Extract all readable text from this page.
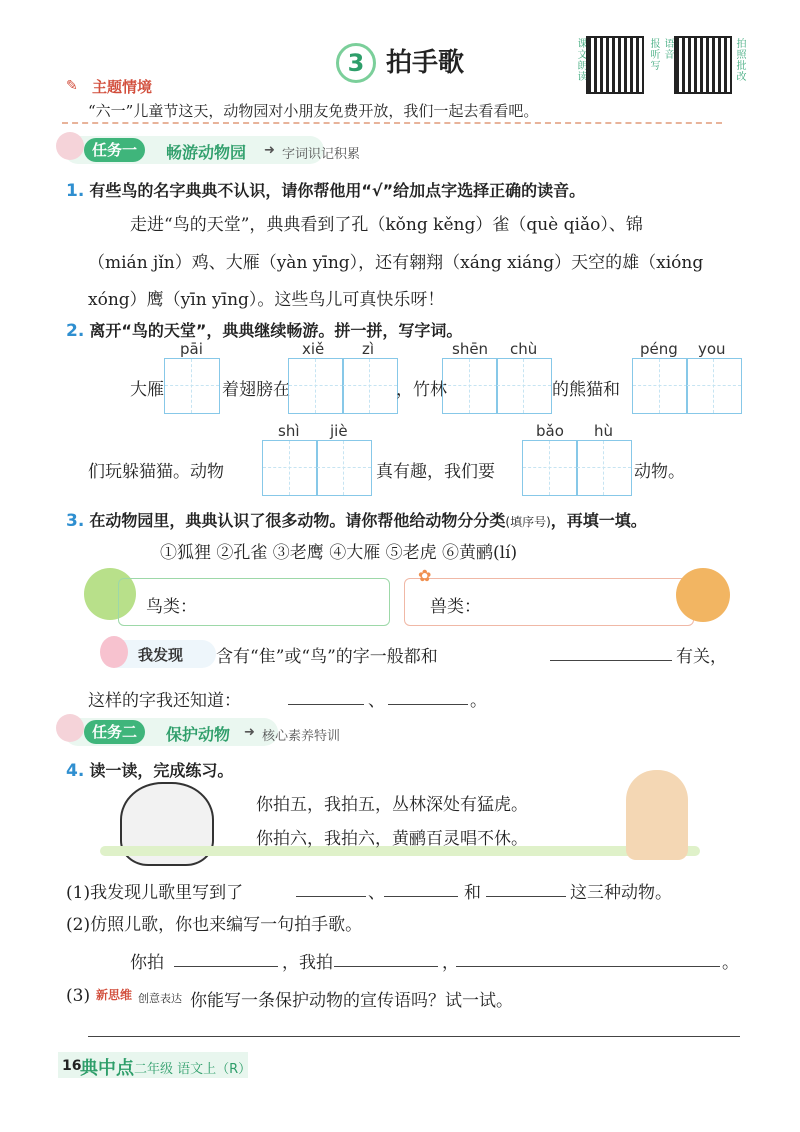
3 拍手歌	课文朗读	报听写 语音	拍照批改
✎ 主题情境
“六一”儿童节这天，动物园对小朋友免费开放，我们一起去看看吧。
任务一	畅游动物园 ➜ 字词识记积累
1. 有些鸟的名字典典不认识，请你帮他用“√”给加点字选择正确的读音。
走进“鸟的天堂”，典典看到了孔（kǒng kěng）雀（què qiǎo）、锦
（mián jǐn）鸡、大雁（yàn yīng），还有翱翔（xáng xiáng）天空的雄（xióng
xóng）鹰（yīn yīng）。这些鸟儿可真快乐呀！
2. 离开“鸟的天堂”，典典继续畅游。拼一拼，写字词。
pāi	xiě	zì	shēn chù	péng you
大雁	着翅膀在	，竹林	的熊猫和
shì jiè	bǎo hù
们玩躲猫猫。动物	真有趣，我们要	动物。
3. 在动物园里，典典认识了很多动物。请你帮他给动物分分类(填序号)，再填一填。
①狐狸 ②孔雀 ③老鹰 ④大雁 ⑤老虎 ⑥黄鹂(lí)
鸟类：
✿
兽类：
我发现 含有“隹”或“鸟”的字一般都和	有关，
这样的字我还知道：	、	。
任务二	保护动物 ➜ 核心素养特训
4. 读一读，完成练习。
你拍五，我拍五，丛林深处有猛虎。
你拍六，我拍六，黄鹂百灵唱不休。
(1)我发现儿歌里写到了	、	和	这三种动物。
(2)仿照儿歌，你也来编写一句拍手歌。
你拍	，我拍	，	。
(3) 新思维 创意表达 你能写一条保护动物的宣传语吗？试一试。
16
典中点 二年级 语文上（R）
